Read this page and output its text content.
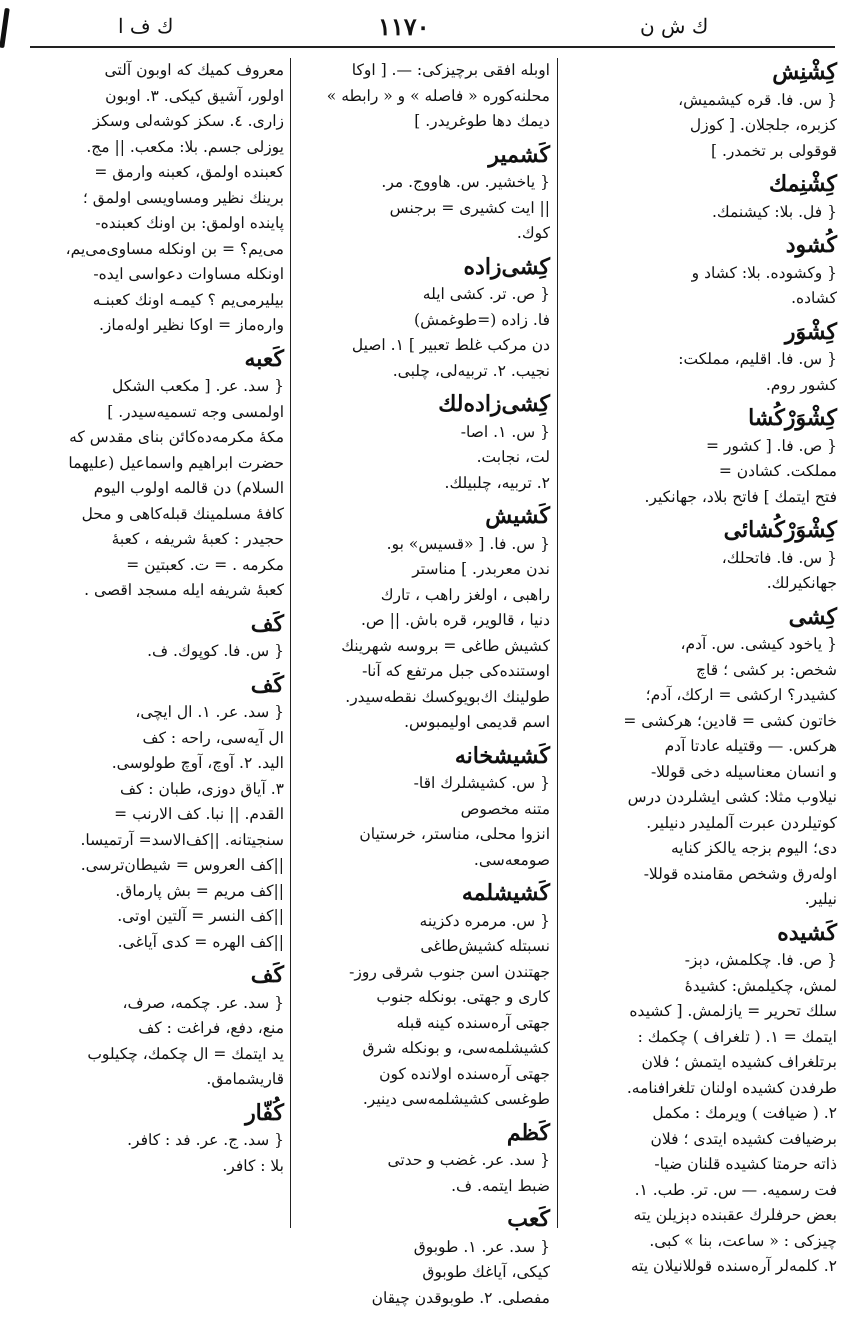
ك ف ا	١١٧٠	ك ش ن
كِشْنِش
{ س. فا. قره كيشميش،
كزبره، جلجلان. [ كوزل
قوقولى بر تخمدر. ]
كِشْنِمك
{ فل. بلا: كيشنمك.
كُشود
{ وكشوده. بلا: كشاد و
كشاده.
كِشْوَر
{ س. فا. اقليم، مملكت:
كشور روم.
كِشْوَرْكُشا
{ ص. فا. [ كشور =
مملكت. كشادن =
فتح ايتمك ] فاتح بلاد، جهانكير.
كِشْوَرْكُشائى
{ س. فا. فاتحلك،
جهانكيرلك.
كِشى
{ ياخود كيشى. س. آدم،
شخص: بر كشى ؛ قاچ
كشيدر؟ اركشى = اركك، آدم؛
خاتون كشى = قادين؛ هركشى =
هركس. — وقتيله عادتا آدم
و انسان معناسيله دخى قوللا-
نيلاوب مثلا: كشى ايشلردن درس
كوتيلردن عبرت آلمليدر دنيلير.
دى؛ اليوم بزجه يالكز كنايه
اولەرق وشخص مقامنده قوللا-
نيلير.
كَشيده
{ ص. فا. چكلمش، دېز-
لمش، چكيلمش: كشيدهٔ
سلك تحرير = يازلمش. [ كشيده
ايتمك = ١. ( تلغراف ) چكمك :
برتلغراف كشيده ايتمش ؛ فلان
طرفدن كشيده اولنان تلغرافنامه.
٢. ( ضيافت ) ويرمك : مكمل
برضيافت كشيده ايتدى ؛ فلان
ذاته حرمتا كشيده قلنان ضيا-
فت رسميه. — س. تر. طب. ١.
بعض حرفلرك عقبنده دېزيلن يته
چيزكى : « ساعت، بنا » كبى.
٢. كلمه‌لر آره‌سنده قوللانيلان يته
اوبله افقى برچيزكى: —. [ اوكا
محلنه‌كوره « فاصله » و « رابطه »
ديمك دها طوغريدر. ]
كَشمير
{ ياخشير. س. هاووج. مر.
|| ايت كشيرى = برجنس
كوك.
كِشى‌زاده
{ ص. تر. كشى ايله
فا. زاده (=طوغمش)
دن مركب غلط تعبير ] ١. اصيل
نجيب. ٢. تربيه‌لى، چلبى.
كِشى‌زاده‌لك
{ س. ١. اصا-
لت، نجابت.
٢. تربيه، چلبيلك.
كَشيش
{ س. فا. [ «قسيس» بو.
ندن معربدر. ] مناستر
راهبى ، اولغز راهب ، تارك
دنيا ، قالوير، قره باش. || ص.
كشيش طاغى = بروسه شهرينك
اوستنده‌كى جبل مرتفع كه آنا-
طولينك اك‌بويوكسك نقطه‌سيدر.
اسم قديمى اوليمبوس.
كَشيشخانه
{ س. كشيشلرك اقا-
متنه مخصوص
انزوا محلى، مناستر، خرستيان
صومعه‌سى.
كَشيشلمه
{ س. مرمره دكزينه
نسبتله كشيش‌طاغى
جهتندن اسن جنوب شرقى روز-
كارى و جهتى. بونكله جنوب
جهتى آره‌سنده كينه قبله
كشيشلمه‌سى، و بونكله شرق
جهتى آره‌سنده اولانده كون
طوغسى كشيشلمه‌سى دينير.
كَظم
{ سد. عر. غضب و حدتى
ضبط ايتمه. ف.
كَعب
{ سد. عر. ١. طوبوق
كيكى، آياغك طوبوق
مفصلى. ٢. طوبوقدن چيقان
معروف كميك كه اوبون آلتى
اولور، آشيق كيكى. ٣. اوبون
زارى. ٤. سكز كوشه‌لى وسكز
يوزلى جسم. بلا: مكعب. || مج.
كعبنده اولمق، كعبنه وارمق =
برينك نظير ومساويسى اولمق ؛
پاينده اولمق: بن اونك كعبنده-
مى‌يم؟ = بن اونكله مساوى‌مى‌يم،
اونكله مساوات دعواسى ايده-
بيليرمى‌يم ؟ كيمـه اونك كعبنـه
وارەماز = اوكا نظير اولەماز.
كَعبه
{ سد. عر. [ مكعب الشكل
اولمسى وجه تسميه‌سيدر. ]
مكهٔ مكرمه‌ده‌كائن بناى مقدس كه
حضرت ابراهيم واسماعيل (عليهما
السلام) دن قالمه اولوب اليوم
كافهٔ مسلمينك قبله‌كاهى و محل
حجيدر : كعبهٔ شريفه ، كعبهٔ
مكرمه . = ت. كعبتين =
كعبهٔ شريفه ايله مسجد اقصى .
كَف
{ س. فا. كوپوك. ف.
كَف
{ سد. عر. ١. ال ايچى،
ال آيه‌سى، راحه : كف
اليد. ٢. آوچ، آوچ طولوسى.
٣. آياق دوزى، طبان : كف
القدم. || نبا. كف الارنب =
سنجيتانه. ||كف‌الاسد= آرتميسا.
||كف العروس = شيطان‌ترسى.
||كف مريم = بش پارماق.
||كف النسر = آلتين اوتى.
||كف الهره = كدى آياغى.
كَف
{ سد. عر. چكمه، صرف،
منع، دفع، فراغت : كف
يد ايتمك = ال چكمك، چكيلوب
قاريشمامق.
كُفّار
{ سد. ج. عر. فد : كافر.
بلا : كافر.
